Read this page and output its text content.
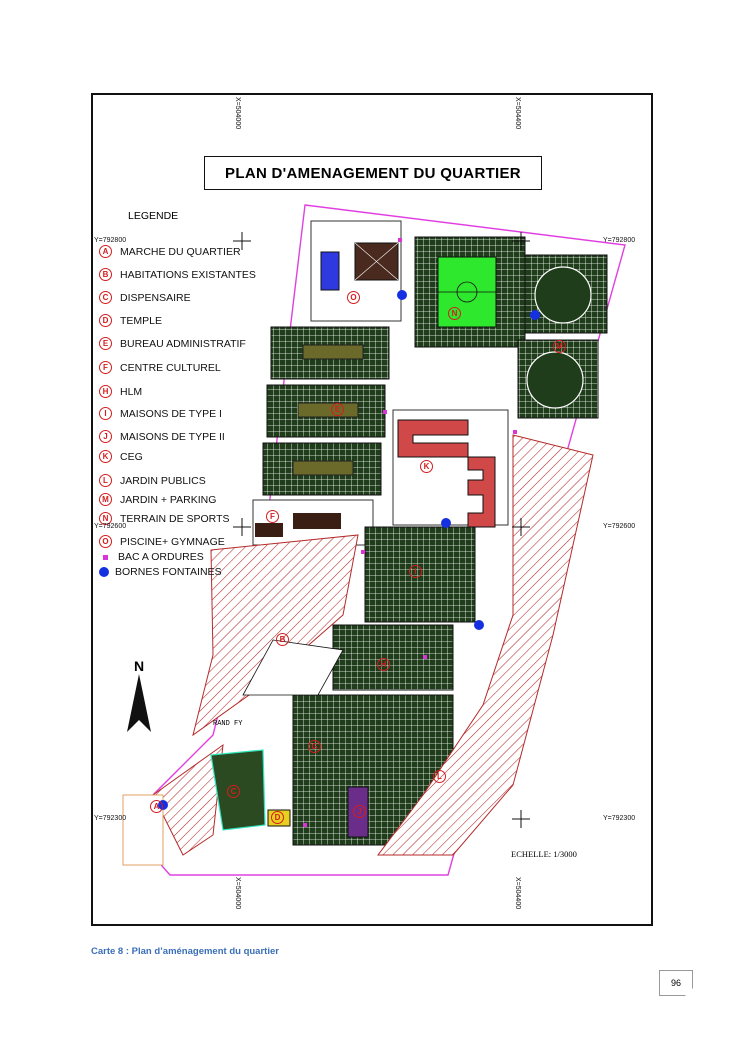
PLAN D'AMENAGEMENT DU QUARTIER
LEGENDE
A	MARCHE DU QUARTIER
B	HABITATIONS EXISTANTES
C	DISPENSAIRE
D	TEMPLE
E	BUREAU ADMINISTRATIF
F	CENTRE CULTUREL
H	HLM
I	MAISONS DE TYPE I
J	MAISONS DE TYPE II
K	CEG
L	JARDIN PUBLICS
M	JARDIN + PARKING
N	TERRAIN DE SPORTS
O	PISCINE+ GYMNAGE
BAC A ORDURES
BORNES FONTAINES
Y=792800	Y=792800
Y=792600	Y=792600
Y=792300	Y=792300
X=504000	X=504400
X=504000	X=504400
N
RAND FY
O
E
K
F
B
I
H
C
A
D
N
G
M
L
J
ECHELLE: 1/3000
Carte 8 : Plan d’aménagement du quartier
96
